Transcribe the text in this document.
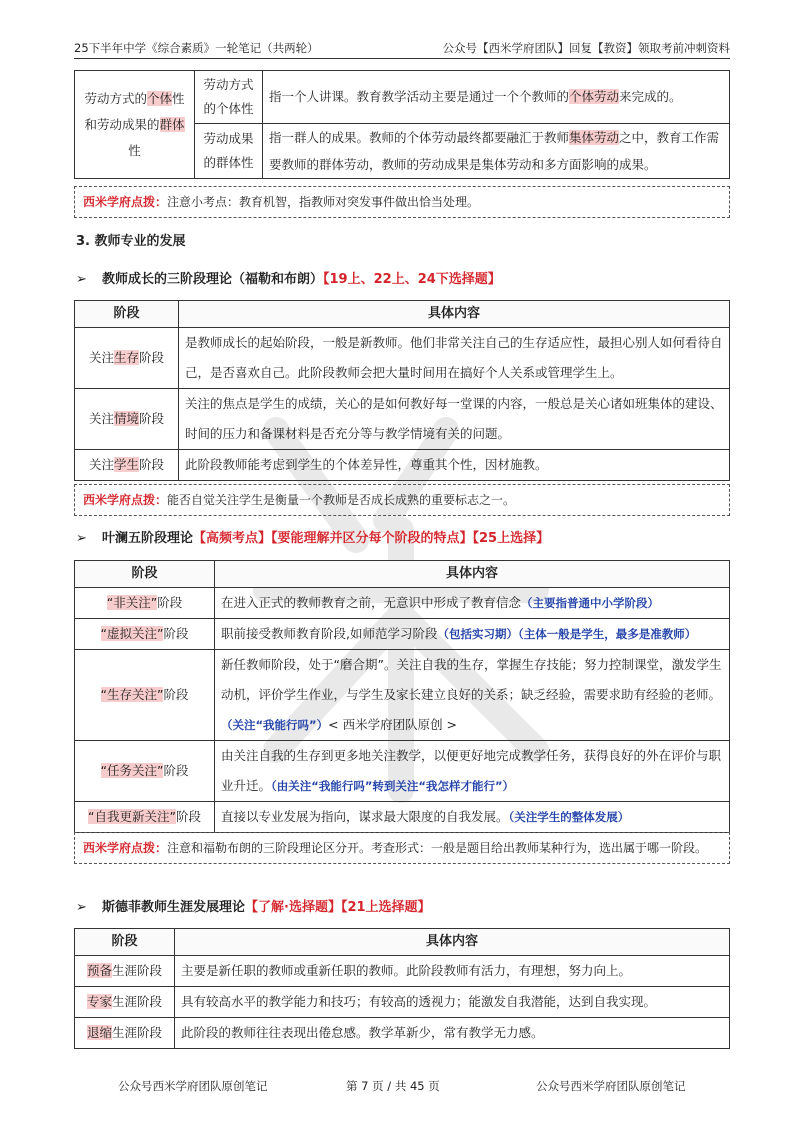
25下半年中学《综合素质》一轮笔记（共两轮）	公众号【西米学府团队】回复【教资】领取考前冲刺资料
劳动方式的个体性和劳动成果的群体性	劳动方式的个体性	指一个人讲课。教育教学活动主要是通过一个个教师的个体劳动来完成的。
	劳动成果的群体性	指一群人的成果。教师的个体劳动最终都要融汇于教师集体劳动之中，教育工作需要教师的群体劳动，教师的劳动成果是集体劳动和多方面影响的成果。
西米学府点拨：注意小考点：教育机智，指教师对突发事件做出恰当处理。
3. 教师专业的发展
➢ 教师成长的三阶段理论（福勒和布朗）【19上、22上、24下选择题】
阶段	具体内容
关注生存阶段	是教师成长的起始阶段，一般是新教师。他们非常关注自己的生存适应性，最担心别人如何看待自己，是否喜欢自己。此阶段教师会把大量时间用在搞好个人关系或管理学生上。
关注情境阶段	关注的焦点是学生的成绩，关心的是如何教好每一堂课的内容，一般总是关心诸如班集体的建设、时间的压力和备课材料是否充分等与教学情境有关的问题。
关注学生阶段	此阶段教师能考虑到学生的个体差异性，尊重其个性，因材施教。
西米学府点拨：能否自觉关注学生是衡量一个教师是否成长成熟的重要标志之一。
➢ 叶澜五阶段理论【高频考点】【要能理解并区分每个阶段的特点】【25上选择】
阶段	具体内容
“非关注”阶段	在进入正式的教师教育之前，无意识中形成了教育信念（主要指普通中小学阶段）
“虚拟关注”阶段	职前接受教师教育阶段,如师范学习阶段（包括实习期）（主体一般是学生，最多是准教师）
“生存关注”阶段	新任教师阶段，处于“磨合期”。关注自我的生存，掌握生存技能；努力控制课堂，激发学生动机，评价学生作业，与学生及家长建立良好的关系；缺乏经验，需要求助有经验的老师。（关注“我能行吗”）< 西米学府团队原创 >
“任务关注”阶段	由关注自我的生存到更多地关注教学，以便更好地完成教学任务，获得良好的外在评价与职业升迁。（由关注“我能行吗”转到关注“我怎样才能行”）
“自我更新关注”阶段	直接以专业发展为指向，谋求最大限度的自我发展。（关注学生的整体发展）
西米学府点拨：注意和福勒布朗的三阶段理论区分开。考查形式：一般是题目给出教师某种行为，选出属于哪一阶段。
➢ 斯德菲教师生涯发展理论【了解·选择题】【21上选择题】
阶段	具体内容
预备生涯阶段	主要是新任职的教师或重新任职的教师。此阶段教师有活力，有理想，努力向上。
专家生涯阶段	具有较高水平的教学能力和技巧；有较高的透视力；能激发自我潜能，达到自我实现。
退缩生涯阶段	此阶段的教师往往表现出倦怠感。教学革新少，常有教学无力感。
公众号西米学府团队原创笔记	第 7 页 / 共 45 页	公众号西米学府团队原创笔记
